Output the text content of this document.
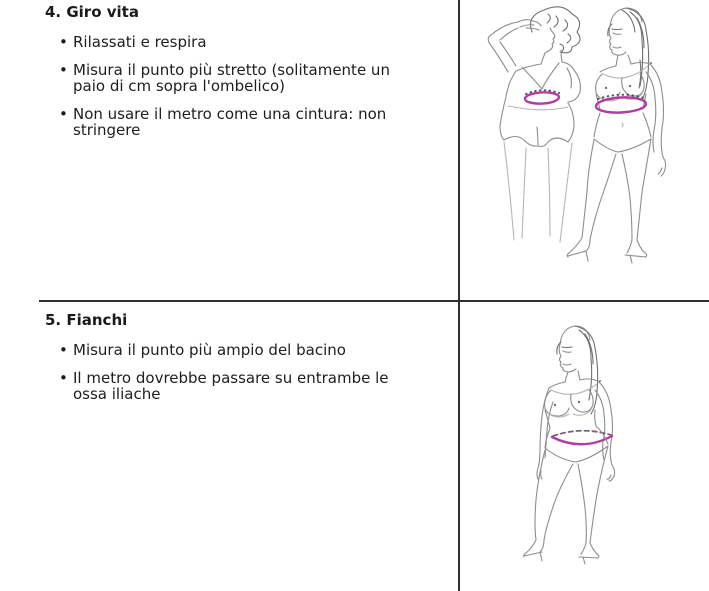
4. Giro vita
• Rilassati e respira
• Misura il punto più stretto (solitamente un
paio di cm sopra l'ombelico)
• Non usare il metro come una cintura: non
stringere
5. Fianchi
• Misura il punto più ampio del bacino
• Il metro dovrebbe passare su entrambe le
ossa iliache
